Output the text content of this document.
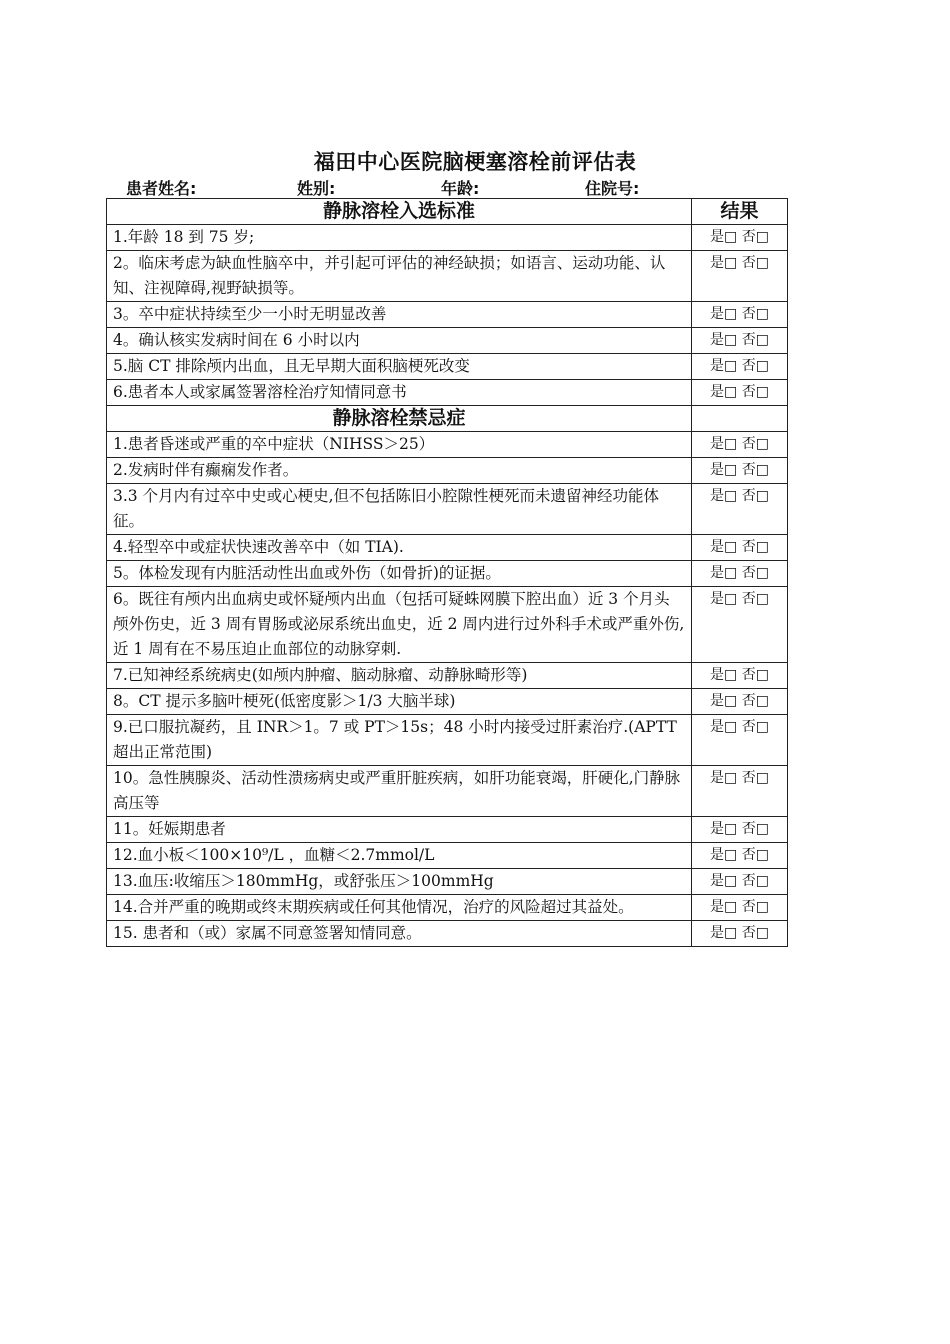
福田中心医院脑梗塞溶栓前评估表
患者姓名:	姓别:	年龄:	住院号:
静脉溶栓入选标准	结果
1.年龄 18 到 75 岁;	是□ 否□
2。临床考虑为缺血性脑卒中，并引起可评估的神经缺损；如语言、运动功能、认知、注视障碍,视野缺损等。	是□ 否□
3。卒中症状持续至少一小时无明显改善	是□ 否□
4。确认核实发病时间在 6 小时以内	是□ 否□
5.脑 CT 排除颅内出血，且无早期大面积脑梗死改变	是□ 否□
6.患者本人或家属签署溶栓治疗知情同意书	是□ 否□
静脉溶栓禁忌症	
1.患者昏迷或严重的卒中症状（NIHSS＞25）	是□ 否□
2.发病时伴有癫痫发作者。	是□ 否□
3.3 个月内有过卒中史或心梗史,但不包括陈旧小腔隙性梗死而未遗留神经功能体征。	是□ 否□
4.轻型卒中或症状快速改善卒中（如 TIA).	是□ 否□
5。体检发现有内脏活动性出血或外伤（如骨折)的证据。	是□ 否□
6。既往有颅内出血病史或怀疑颅内出血（包括可疑蛛网膜下腔出血）近 3 个月头颅外伤史，近 3 周有胃肠或泌尿系统出血史，近 2 周内进行过外科手术或严重外伤,近 1 周有在不易压迫止血部位的动脉穿刺.	是□ 否□
7.已知神经系统病史(如颅内肿瘤、脑动脉瘤、动静脉畸形等)	是□ 否□
8。CT 提示多脑叶梗死(低密度影＞1/3 大脑半球)	是□ 否□
9.已口服抗凝药，且 INR＞1。7 或 PT＞15s；48 小时内接受过肝素治疗.(APTT 超出正常范围)	是□ 否□
10。急性胰腺炎、活动性溃疡病史或严重肝脏疾病，如肝功能衰竭，肝硬化,门静脉高压等	是□ 否□
11。妊娠期患者	是□ 否□
12.血小板＜100×10⁹/L ，血糖＜2.7mmol/L	是□ 否□
13.血压:收缩压＞180mmHg，或舒张压＞100mmHg	是□ 否□
14.合并严重的晚期或终末期疾病或任何其他情况，治疗的风险超过其益处。	是□ 否□
15. 患者和（或）家属不同意签署知情同意。	是□ 否□
